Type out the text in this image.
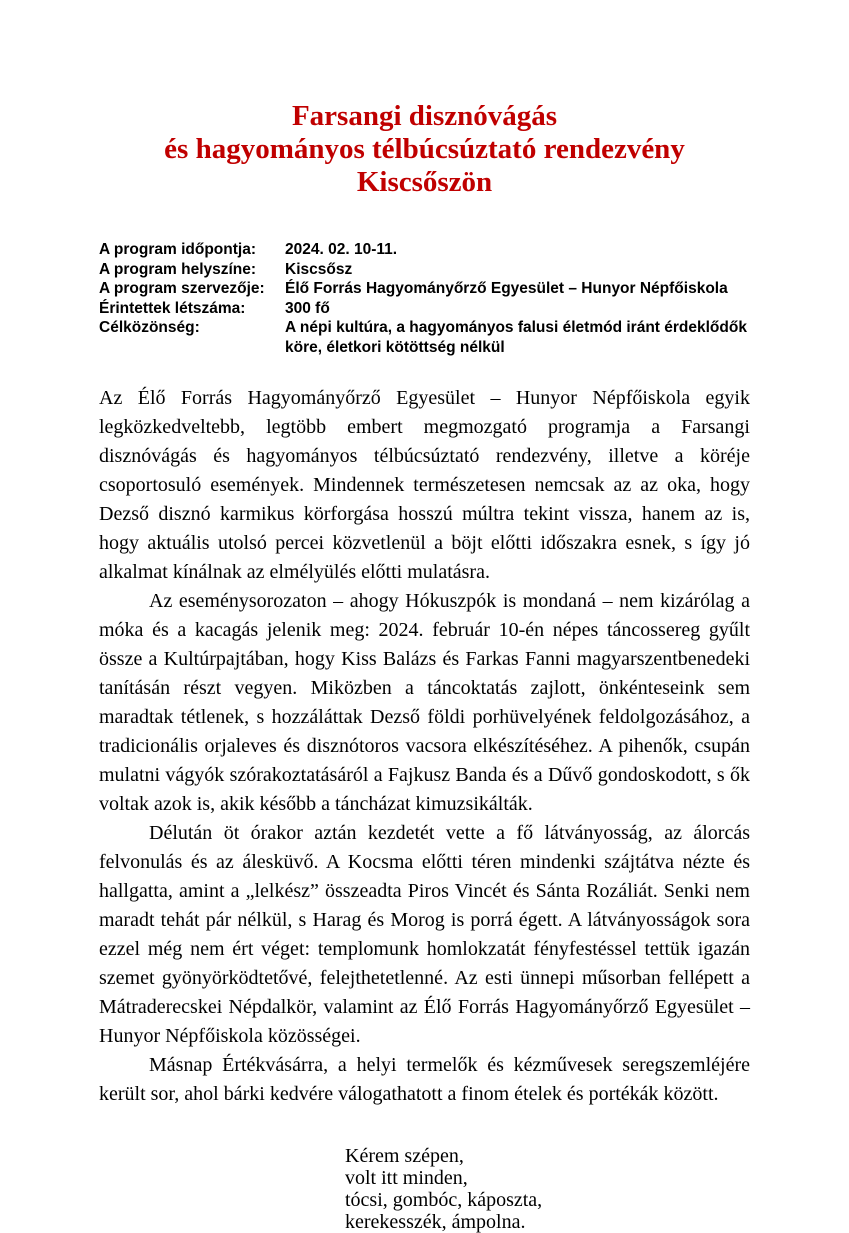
Farsangi disznóvágás
és hagyományos télbúcsúztató rendezvény Kiscsőszön
A program időpontja:	2024. 02. 10-11.
A program helyszíne:	Kiscsősz
A program szervezője:	Élő Forrás Hagyományőrző Egyesület – Hunyor Népfőiskola
Érintettek létszáma:	300 fő
Célközönség:	A népi kultúra, a hagyományos falusi életmód iránt érdeklődők köre, életkori kötöttség nélkül

Az Élő Forrás Hagyományőrző Egyesület – Hunyor Népfőiskola egyik legközkedveltebb, legtöbb embert megmozgató programja a Farsangi disznóvágás és hagyományos télbúcsúztató rendezvény, illetve a köréje csoportosuló események. Mindennek természetesen nemcsak az az oka, hogy Dezső disznó karmikus körforgása hosszú múltra tekint vissza, hanem az is, hogy aktuális utolsó percei közvetlenül a böjt előtti időszakra esnek, s így jó alkalmat kínálnak az elmélyülés előtti mulatásra.

Az eseménysorozaton – ahogy Hókuszpók is mondaná – nem kizárólag a móka és a kacagás jelenik meg: 2024. február 10-én népes táncossereg gyűlt össze a Kultúrpajtában, hogy Kiss Balázs és Farkas Fanni magyarszentbenedeki tanításán részt vegyen. Miközben a táncoktatás zajlott, önkénteseink sem maradtak tétlenek, s hozzáláttak Dezső földi porhüvelyének feldolgozásához, a tradicionális orjaleves és disznótoros vacsora elkészítéséhez. A pihenők, csupán mulatni vágyók szórakoztatásáról a Fajkusz Banda és a Dűvő gondoskodott, s ők voltak azok is, akik később a táncházat kimuzsikálták.

Délután öt órakor aztán kezdetét vette a fő látványosság, az álorcás felvonulás és az álesküvő. A Kocsma előtti téren mindenki szájtátva nézte és hallgatta, amint a „lelkész” összeadta Piros Vincét és Sánta Rozáliát. Senki nem maradt tehát pár nélkül, s Harag és Morog is porrá égett. A látványosságok sora ezzel még nem ért véget: templomunk homlokzatát fényfestéssel tettük igazán szemet gyönyörködtetővé, felejthetetlenné. Az esti ünnepi műsorban fellépett a Mátraderecskei Népdalkör, valamint az Élő Forrás Hagyományőrző Egyesület – Hunyor Népfőiskola közösségei.

Másnap Értékvásárra, a helyi termelők és kézművesek seregszemléjére került sor, ahol bárki kedvére válogathatott a finom ételek és portékák között.

Kérem szépen,
volt itt minden,
tócsi, gombóc, káposzta,
kerekesszék, ámpolna.
